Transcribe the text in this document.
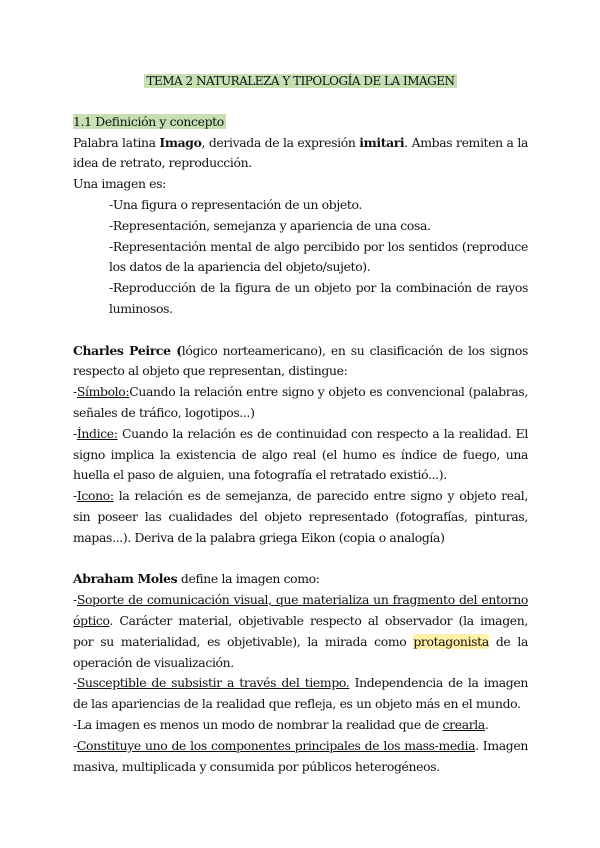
TEMA 2 NATURALEZA Y TIPOLOGÍA DE LA IMAGEN

1.1 Definición y concepto

Palabra latina Imago, derivada de la expresión imitari. Ambas remiten a la idea de retrato, reproducción.

Una imagen es:

-Una figura o representación de un objeto.

-Representación, semejanza y apariencia de una cosa.

-Representación mental de algo percibido por los sentidos (reproduce los datos de la apariencia del objeto/sujeto).

-Reproducción de la figura de un objeto por la combinación de rayos luminosos.

Charles Peirce (lógico norteamericano), en su clasificación de los signos respecto al objeto que representan, distingue:

-Símbolo:Cuando la relación entre signo y objeto es convencional (palabras, señales de tráfico, logotipos...)

-Índice: Cuando la relación es de continuidad con respecto a la realidad. El signo implica la existencia de algo real (el humo es índice de fuego, una huella el paso de alguien, una fotografía el retratado existió...).

-Icono: la relación es de semejanza, de parecido entre signo y objeto real, sin poseer las cualidades del objeto representado (fotografías, pinturas, mapas...). Deriva de la palabra griega Eikon (copia o analogía)

Abraham Moles define la imagen como:

-Soporte de comunicación visual, que materializa un fragmento del entorno óptico. Carácter material, objetivable respecto al observador (la imagen, por su materialidad, es objetivable), la mirada como protagonista de la operación de visualización.

-Susceptible de subsistir a través del tiempo. Independencia de la imagen de las apariencias de la realidad que refleja, es un objeto más en el mundo.

-La imagen es menos un modo de nombrar la realidad que de crearla.

-Constituye uno de los componentes principales de los mass-media. Imagen masiva, multiplicada y consumida por públicos heterogéneos.
